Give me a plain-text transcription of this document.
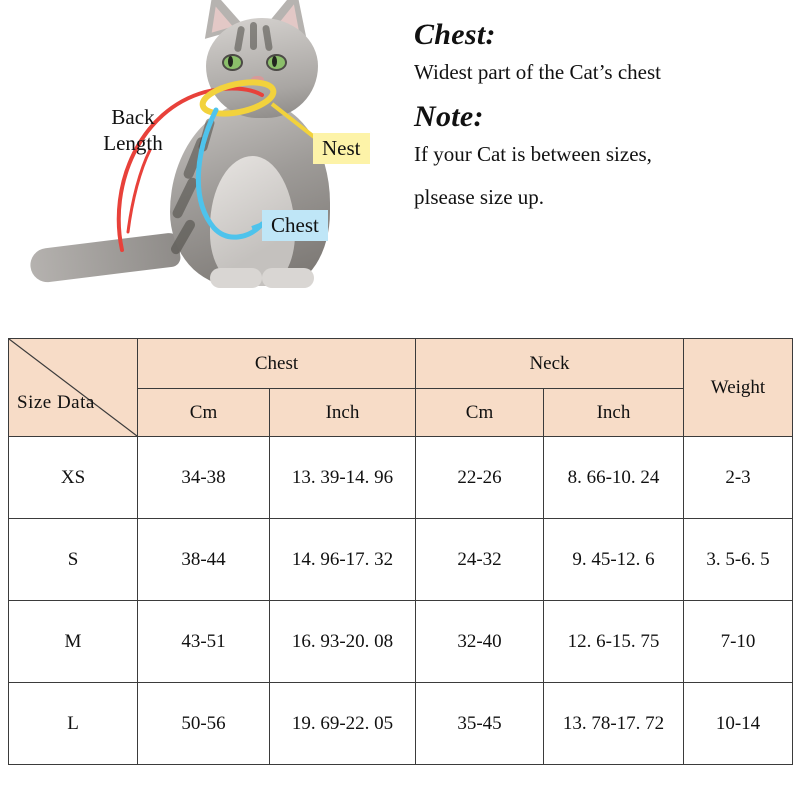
Back
Length	Nest
Chest
Chest:
Widest part of the Cat’s chest
Note:
If your Cat is between sizes,
plsease size up.
Size Data	Chest		Neck		Weight
	Cm	Inch	Cm	Inch	
XS	34-38	13. 39-14. 96	22-26	8. 66-10. 24	2-3
S	38-44	14. 96-17. 32	24-32	9. 45-12. 6	3. 5-6. 5
M	43-51	16. 93-20. 08	32-40	12. 6-15. 75	7-10
L	50-56	19. 69-22. 05	35-45	13. 78-17. 72	10-14
